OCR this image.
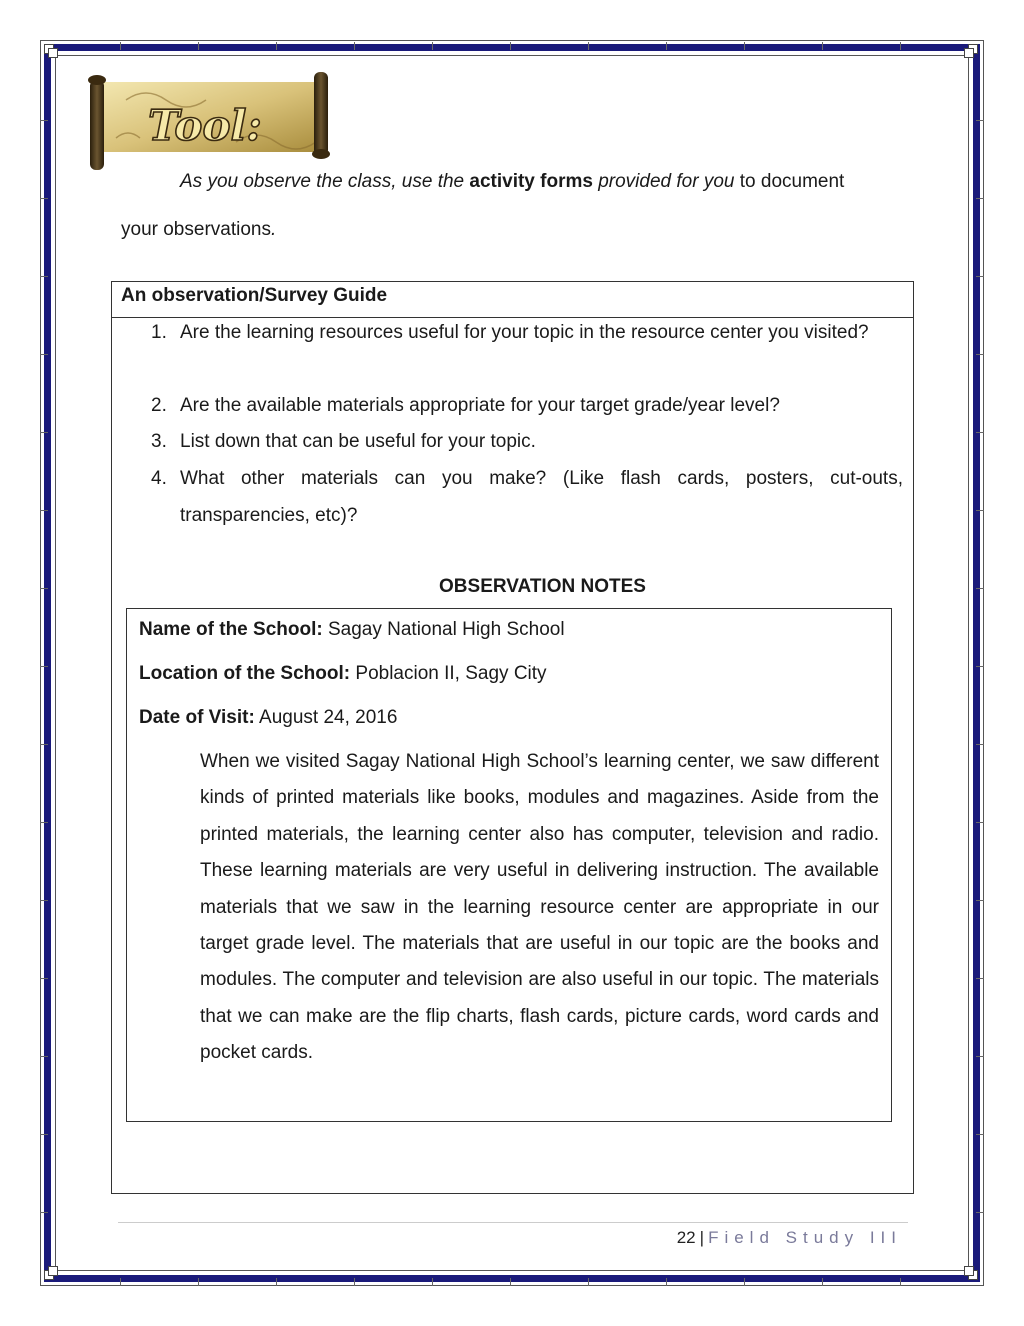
Tool:
As you observe the class, use the activity forms provided for you to document
your observations.
An observation/Survey Guide
1. Are the learning resources useful for your topic in the resource center you visited?
2. Are the available materials appropriate for your target grade/year level?
3. List down that can be useful for your topic.
4. What other materials can you make? (Like flash cards, posters, cut-outs, transparencies, etc)?
OBSERVATION NOTES
Name of the School: Sagay National High School
Location of the School: Poblacion II, Sagy City
Date of Visit: August 24, 2016
When we visited Sagay National High School’s learning center, we saw different kinds of printed materials like books, modules and magazines. Aside from the printed materials, the learning center also has computer, television and radio. These learning materials are very useful in delivering instruction. The available materials that we saw in the learning resource center are appropriate in our target grade level. The materials that are useful in our topic are the books and modules. The computer and television are also useful in our topic. The materials that we can make are the flip charts, flash cards, picture cards, word cards and pocket cards.
22 | Field Study III
